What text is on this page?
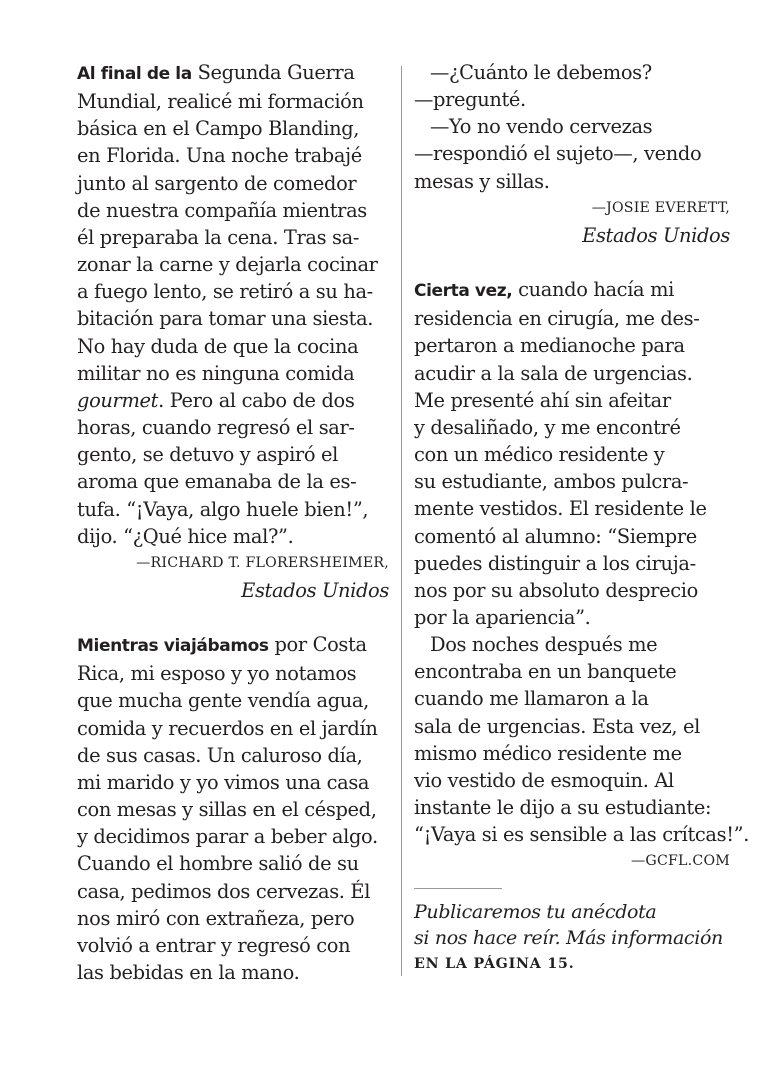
Al final de la Segunda Guerra
Mundial, realicé mi formación
básica en el Campo Blanding,
en Florida. Una noche trabajé
junto al sargento de comedor
de nuestra compañía mientras
él preparaba la cena. Tras sa-
zonar la carne y dejarla cocinar
a fuego lento, se retiró a su ha-
bitación para tomar una siesta.
No hay duda de que la cocina
militar no es ninguna comida
gourmet. Pero al cabo de dos
horas, cuando regresó el sar-
gento, se detuvo y aspiró el
aroma que emanaba de la es-
tufa. “¡Vaya, algo huele bien!”,
dijo. “¿Qué hice mal?”.
—RICHARD T. FLORERSHEIMER,
Estados Unidos
Mientras viajábamos por Costa
Rica, mi esposo y yo notamos
que mucha gente vendía agua,
comida y recuerdos en el jardín
de sus casas. Un caluroso día,
mi marido y yo vimos una casa
con mesas y sillas en el césped,
y decidimos parar a beber algo.
Cuando el hombre salió de su
casa, pedimos dos cervezas. Él
nos miró con extrañeza, pero
volvió a entrar y regresó con
las bebidas en la mano.
—¿Cuánto le debemos?
—pregunté.
—Yo no vendo cervezas
—respondió el sujeto—, vendo
mesas y sillas.
—JOSIE EVERETT,
Estados Unidos
Cierta vez, cuando hacía mi
residencia en cirugía, me des-
pertaron a medianoche para
acudir a la sala de urgencias.
Me presenté ahí sin afeitar
y desaliñado, y me encontré
con un médico residente y
su estudiante, ambos pulcra-
mente vestidos. El residente le
comentó al alumno: “Siempre
puedes distinguir a los ciruja-
nos por su absoluto desprecio
por la apariencia”.
Dos noches después me
encontraba en un banquete
cuando me llamaron a la
sala de urgencias. Esta vez, el
mismo médico residente me
vio vestido de esmoquin. Al
instante le dijo a su estudiante:
“¡Vaya si es sensible a las crítcas!”.
—GCFL.COM
Publicaremos tu anécdota
si nos hace reír. Más información
EN LA PÁGINA 15.
